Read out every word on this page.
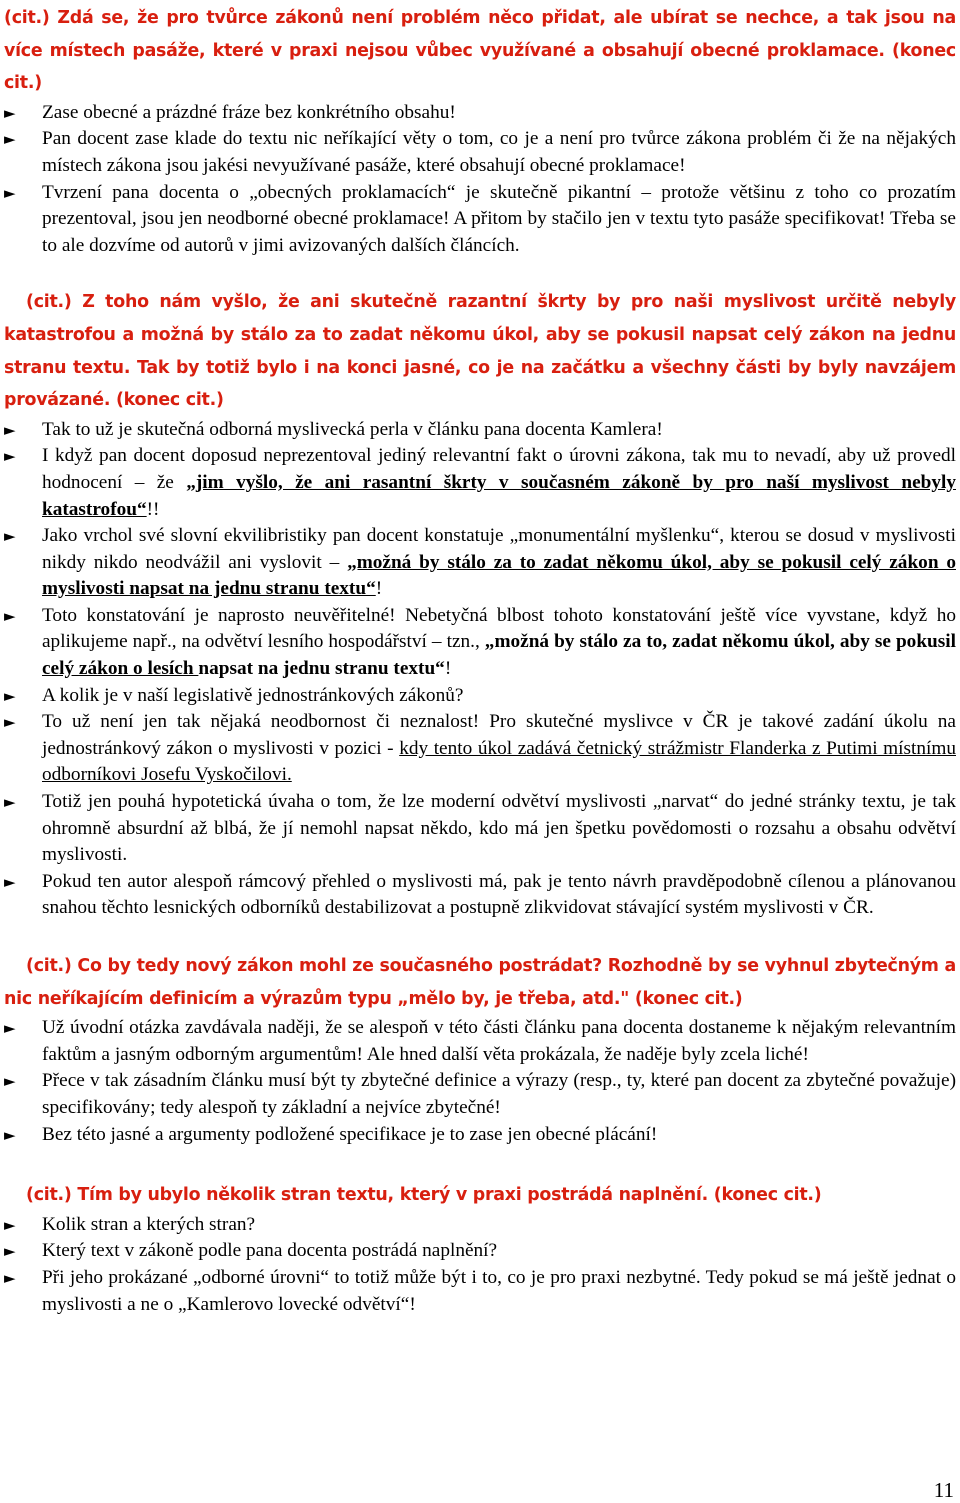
(cit.) Zdá se, že pro tvůrce zákonů není problém něco přidat, ale ubírat se nechce, a tak jsou na více místech pasáže, které v praxi nejsou vůbec využívané a obsahují obecné proklamace. (konec cit.)

► Zase obecné a prázdné fráze bez konkrétního obsahu!
► Pan docent zase klade do textu nic neříkající věty o tom, co je a není pro tvůrce zákona problém či že na nějakých místech zákona jsou jakési nevyužívané pasáže, které obsahují obecné proklamace!
► Tvrzení pana docenta o „obecných proklamacích“ je skutečně pikantní – protože většinu z toho co prozatím prezentoval, jsou jen neodborné obecné proklamace! A přitom by stačilo jen v textu tyto pasáže specifikovat! Třeba se to ale dozvíme od autorů v jimi avizovaných dalších článcích.

(cit.) Z toho nám vyšlo, že ani skutečně razantní škrty by pro naši myslivost určitě nebyly katastrofou a možná by stálo za to zadat někomu úkol, aby se pokusil napsat celý zákon na jednu stranu textu. Tak by totiž bylo i na konci jasné, co je na začátku a všechny části by byly navzájem provázané. (konec cit.)

► Tak to už je skutečná odborná myslivecká perla v článku pana docenta Kamlera!
► I když pan docent doposud neprezentoval jediný relevantní fakt o úrovni zákona, tak mu to nevadí, aby už provedl hodnocení – že „jim vyšlo, že ani rasantní škrty v současném zákoně by pro naší myslivost nebyly katastrofou“!!
► Jako vrchol své slovní ekvilibristiky pan docent konstatuje „monumentální myšlenku“, kterou se dosud v myslivosti nikdy nikdo neodvážil ani vyslovit – „možná by stálo za to zadat někomu úkol, aby se pokusil celý zákon o myslivosti napsat na jednu stranu textu“!
► Toto konstatování je naprosto neuvěřitelné! Nebetyčná blbost tohoto konstatování ještě více vyvstane, když ho aplikujeme např., na odvětví lesního hospodářství – tzn., „možná by stálo za to, zadat někomu úkol, aby se pokusil celý zákon o lesích napsat na jednu stranu textu“!
► A kolik je v naší legislativě jednostránkových zákonů?
► To už není jen tak nějaká neodbornost či neznalost! Pro skutečné myslivce v ČR je takové zadání úkolu na jednostránkový zákon o myslivosti v pozici - kdy tento úkol zadává četnický strážmistr Flanderka z Putimi místnímu odborníkovi Josefu Vyskočilovi.
► Totiž jen pouhá hypotetická úvaha o tom, že lze moderní odvětví myslivosti „narvat“ do jedné stránky textu, je tak ohromně absurdní až blbá, že jí nemohl napsat někdo, kdo má jen špetku povědomosti o rozsahu a obsahu odvětví myslivosti.
► Pokud ten autor alespoň rámcový přehled o myslivosti má, pak je tento návrh pravděpodobně cílenou a plánovanou snahou těchto lesnických odborníků destabilizovat a postupně zlikvidovat stávající systém myslivosti v ČR.

(cit.) Co by tedy nový zákon mohl ze současného postrádat? Rozhodně by se vyhnul zbytečným a nic neříkajícím definicím a výrazům typu „mělo by, je třeba, atd." (konec cit.)

► Už úvodní otázka zavdávala naději, že se alespoň v této části článku pana docenta dostaneme k nějakým relevantním faktům a jasným odborným argumentům! Ale hned další věta prokázala, že naděje byly zcela liché!
► Přece v tak zásadním článku musí být ty zbytečné definice a výrazy (resp., ty, které pan docent za zbytečné považuje) specifikovány; tedy alespoň ty základní a nejvíce zbytečné!
► Bez této jasné a argumenty podložené specifikace je to zase jen obecné plácání!

(cit.) Tím by ubylo několik stran textu, který v praxi postrádá naplnění. (konec cit.)

► Kolik stran a kterých stran?
► Který text v zákoně podle pana docenta postrádá naplnění?
► Při jeho prokázané „odborné úrovni“ to totiž může být i to, co je pro praxi nezbytné. Tedy pokud se má ještě jednat o myslivosti a ne o „Kamlerovo lovecké odvětví“!
11
